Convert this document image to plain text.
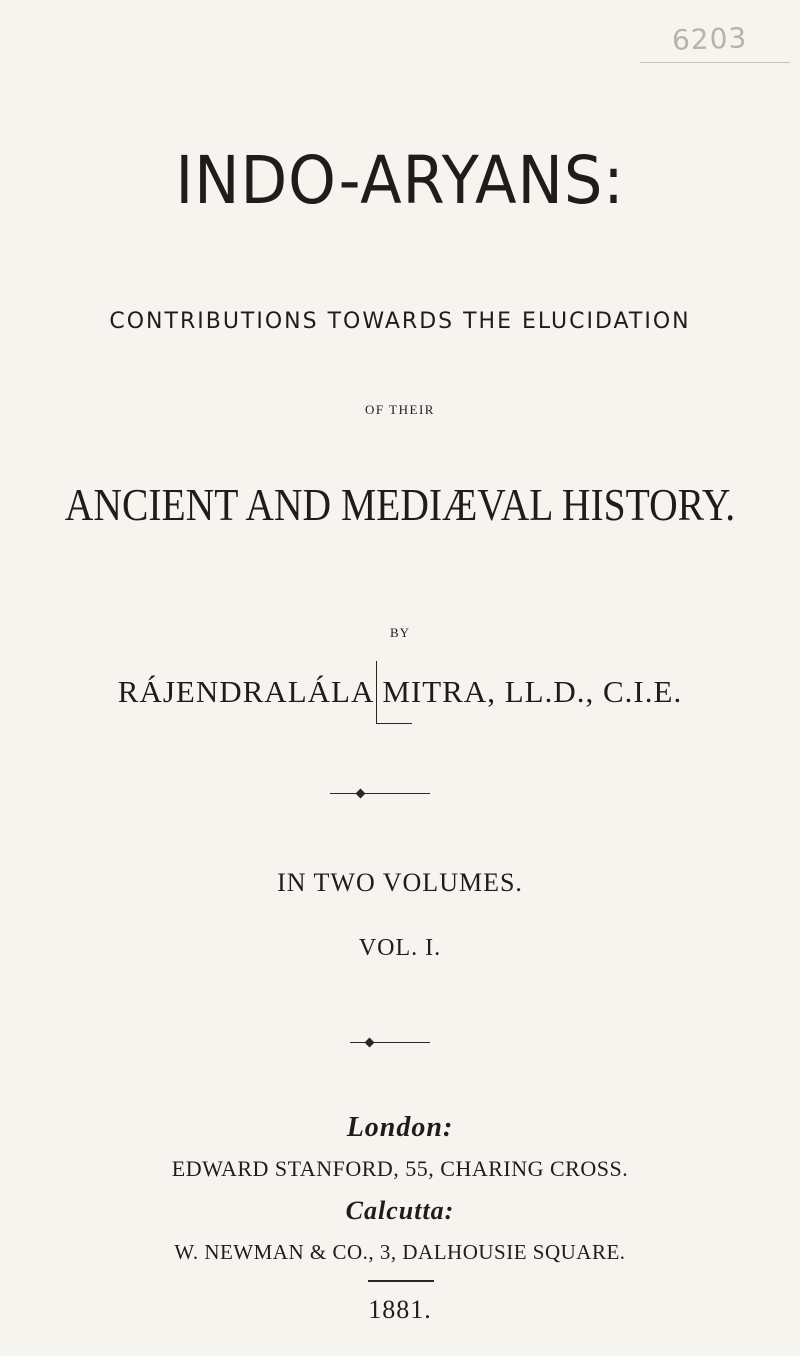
6203
INDO-ARYANS:
CONTRIBUTIONS TOWARDS THE ELUCIDATION
OF THEIR
ANCIENT AND MEDIÆVAL HISTORY.
BY
RÁJENDRALÁLA MITRA, LL.D., C.I.E.
IN TWO VOLUMES.
VOL. I.
London:
EDWARD STANFORD, 55, CHARING CROSS.
Calcutta:
W. NEWMAN & CO., 3, DALHOUSIE SQUARE.
1881.
